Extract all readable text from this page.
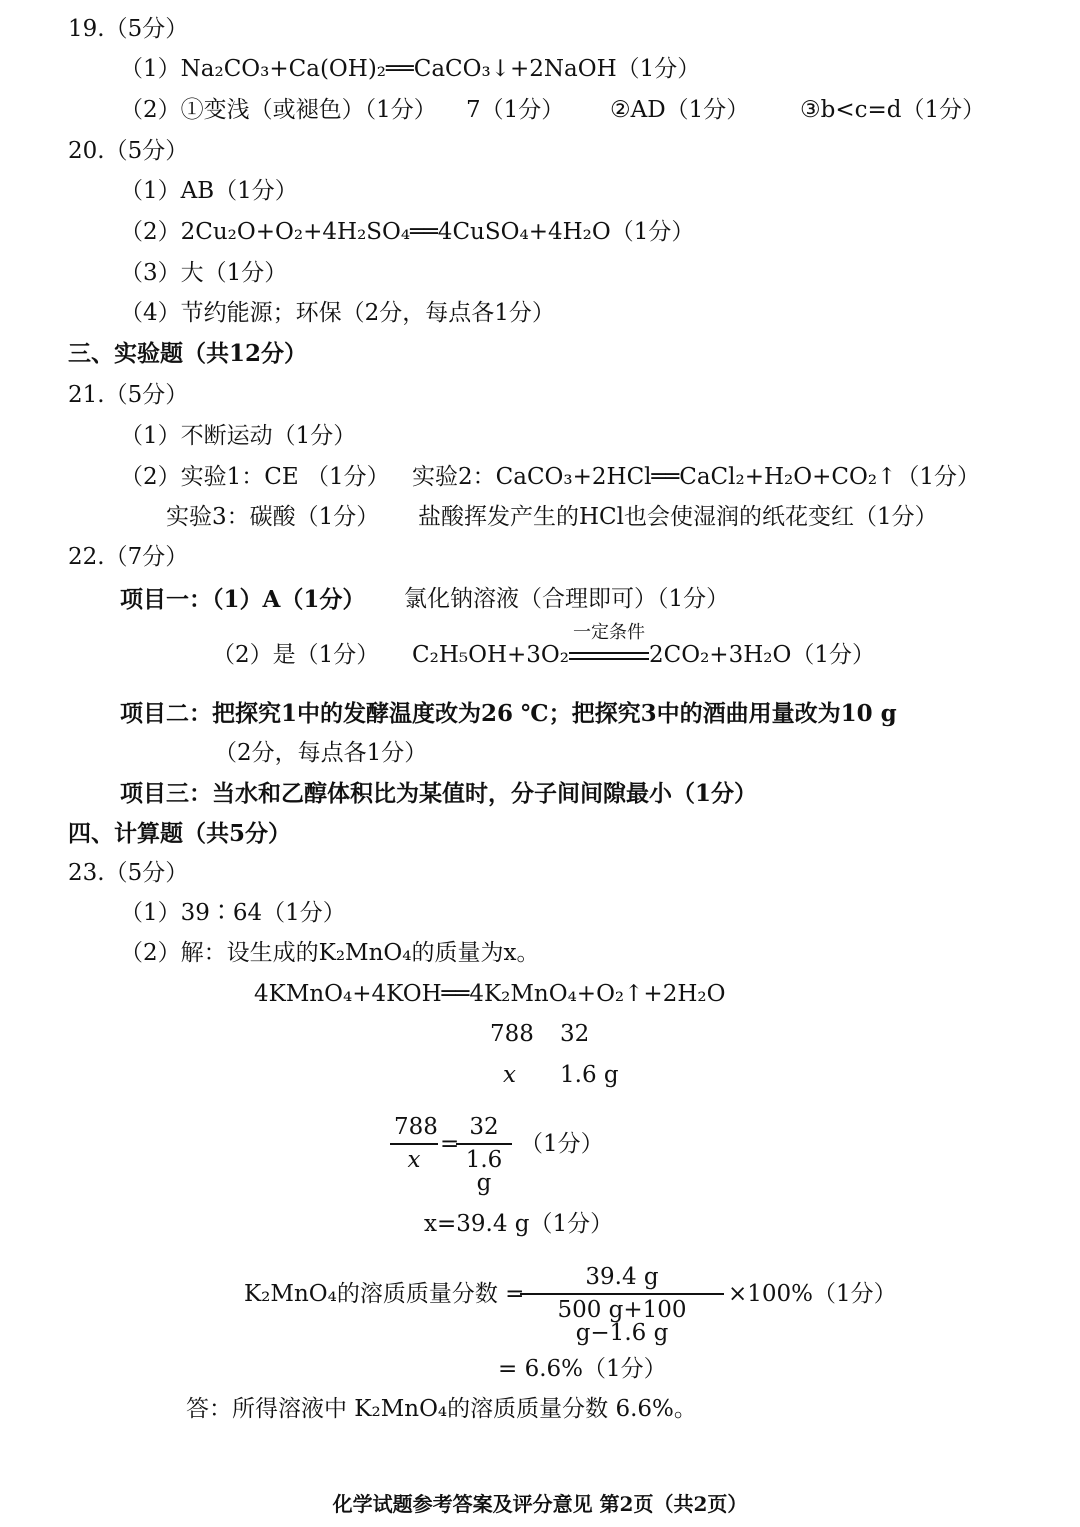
19.（5分）
（1）Na₂CO₃+Ca(OH)₂══CaCO₃↓+2NaOH（1分）
（2）①变浅（或褪色）（1分） 7（1分） ②AD（1分） ③b<c=d（1分）
20.（5分）
（1）AB（1分）
（2）2Cu₂O+O₂+4H₂SO₄══4CuSO₄+4H₂O（1分）
（3）大（1分）
（4）节约能源；环保（2分，每点各1分）
三、实验题（共12分）
21.（5分）
（1）不断运动（1分）
（2）实验1：CE （1分） 实验2：CaCO₃+2HCl══CaCl₂+H₂O+CO₂↑（1分）
实验3：碳酸（1分） 盐酸挥发产生的HCl也会使湿润的纸花变红（1分）
22.（7分）
项目一：（1）A（1分） 氯化钠溶液（合理即可）（1分）
（2）是（1分） C₂H₅OH+3O₂
一定条件
2CO₂+3H₂O（1分）
项目二：把探究1中的发酵温度改为26 ℃；把探究3中的酒曲用量改为10 g
（2分，每点各1分）
项目三：当水和乙醇体积比为某值时，分子间间隙最小（1分）
四、计算题（共5分）
23.（5分）
（1）39∶64（1分）
（2）解：设生成的K₂MnO₄的质量为x。
4KMnO₄+4KOH══4K₂MnO₄+O₂↑+2H₂O
788 32
x 1.6 g
788
x
=
32
1.6 g
（1分）
x=39.4 g（1分）
K₂MnO₄的溶质质量分数 =
39.4 g
500 g+100 g−1.6 g
×100%（1分）
= 6.6%（1分）
答：所得溶液中 K₂MnO₄的溶质质量分数 6.6%。
化学试题参考答案及评分意见 第2页（共2页）
